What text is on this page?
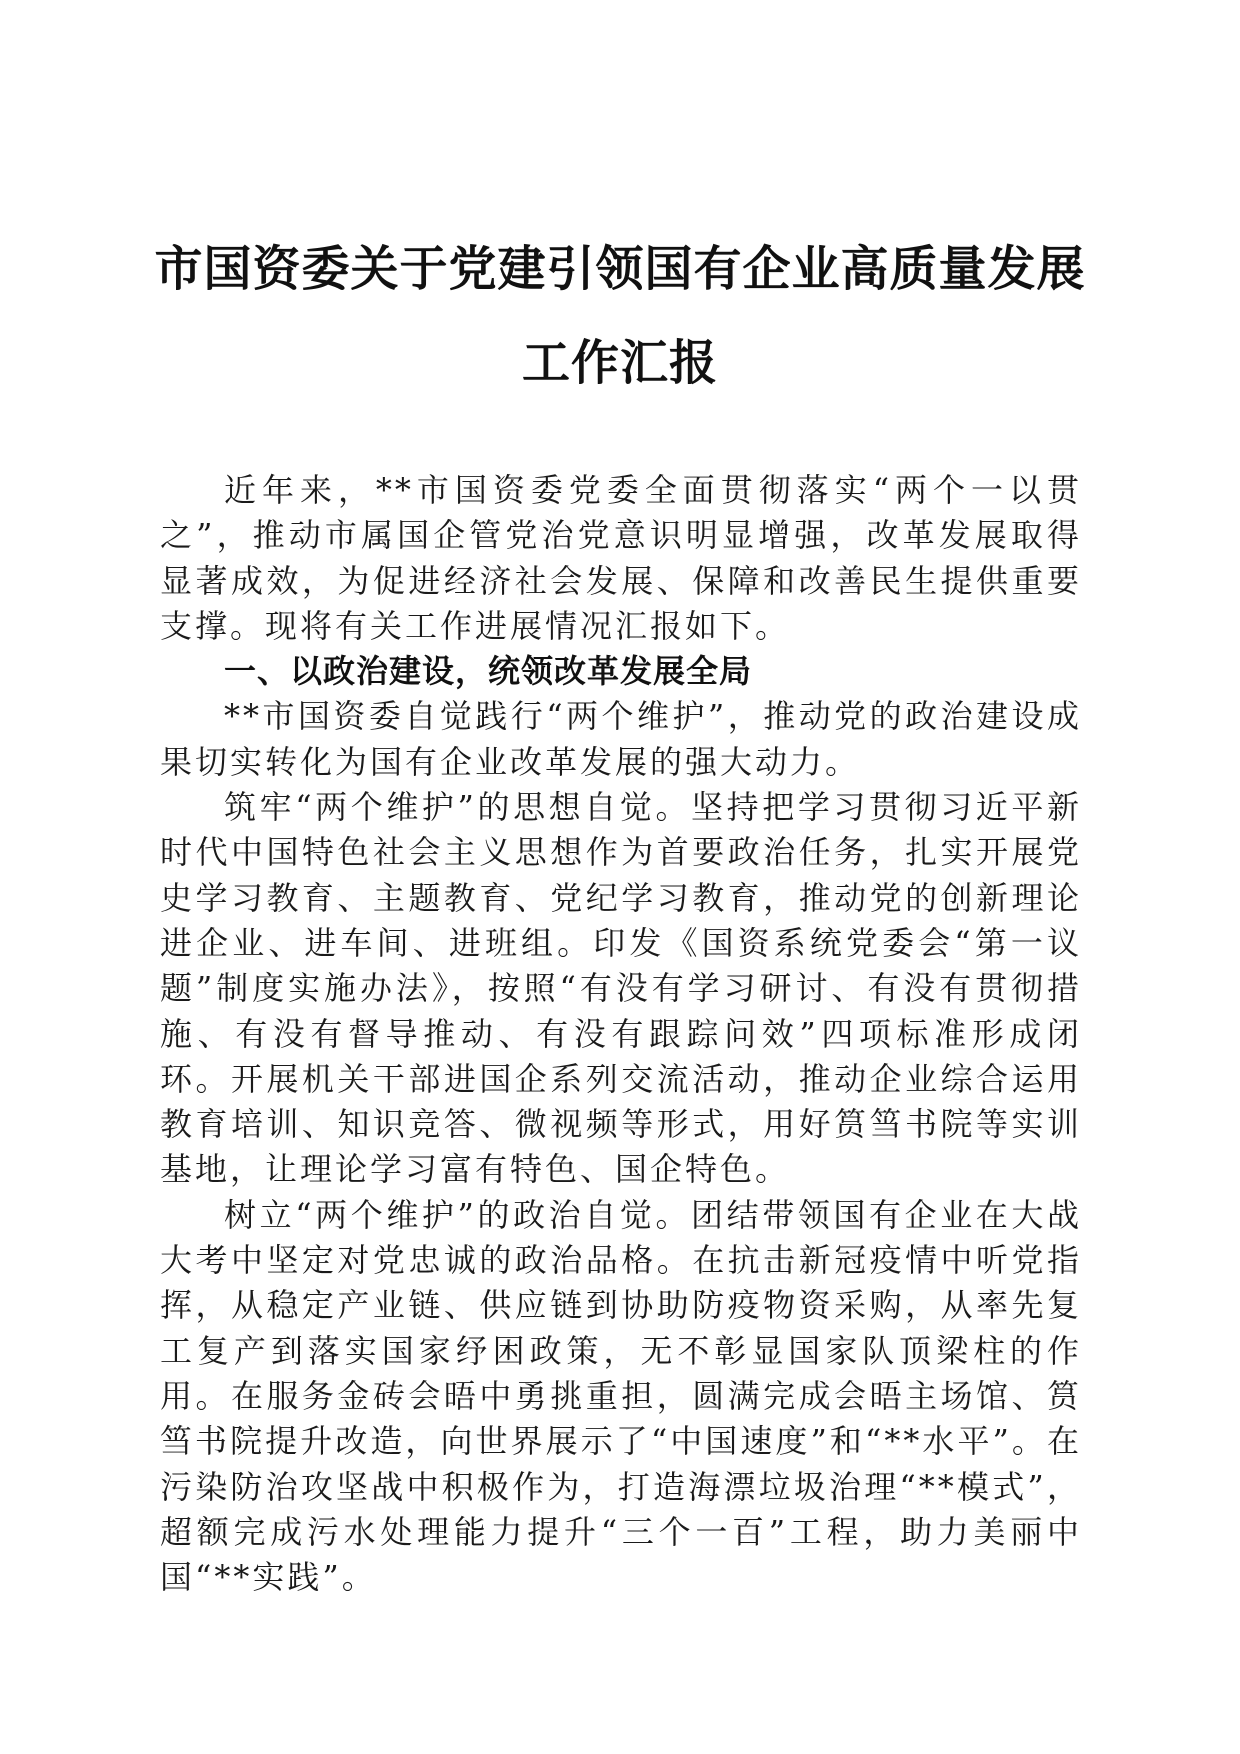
市国资委关于党建引领国有企业高质量发展工作汇报

近年来，**市国资委党委全面贯彻落实“两个一以贯之”，推动市属国企管党治党意识明显增强，改革发展取得显著成效，为促进经济社会发展、保障和改善民生提供重要支撑。现将有关工作进展情况汇报如下。

一、以政治建设，统领改革发展全局

**市国资委自觉践行“两个维护”，推动党的政治建设成果切实转化为国有企业改革发展的强大动力。

筑牢“两个维护”的思想自觉。坚持把学习贯彻习近平新时代中国特色社会主义思想作为首要政治任务，扎实开展党史学习教育、主题教育、党纪学习教育，推动党的创新理论进企业、进车间、进班组。印发《国资系统党委会“第一议题”制度实施办法》，按照“有没有学习研讨、有没有贯彻措施、有没有督导推动、有没有跟踪问效”四项标准形成闭环。开展机关干部进国企系列交流活动，推动企业综合运用教育培训、知识竞答、微视频等形式，用好筼筜书院等实训基地，让理论学习富有特色、国企特色。

树立“两个维护”的政治自觉。团结带领国有企业在大战大考中坚定对党忠诚的政治品格。在抗击新冠疫情中听党指挥，从稳定产业链、供应链到协助防疫物资采购，从率先复工复产到落实国家纾困政策，无不彰显国家队顶梁柱的作用。在服务金砖会晤中勇挑重担，圆满完成会晤主场馆、筼筜书院提升改造，向世界展示了“中国速度”和“**水平”。在污染防治攻坚战中积极作为，打造海漂垃圾治理“**模式”，超额完成污水处理能力提升“三个一百”工程，助力美丽中国“**实践”。
